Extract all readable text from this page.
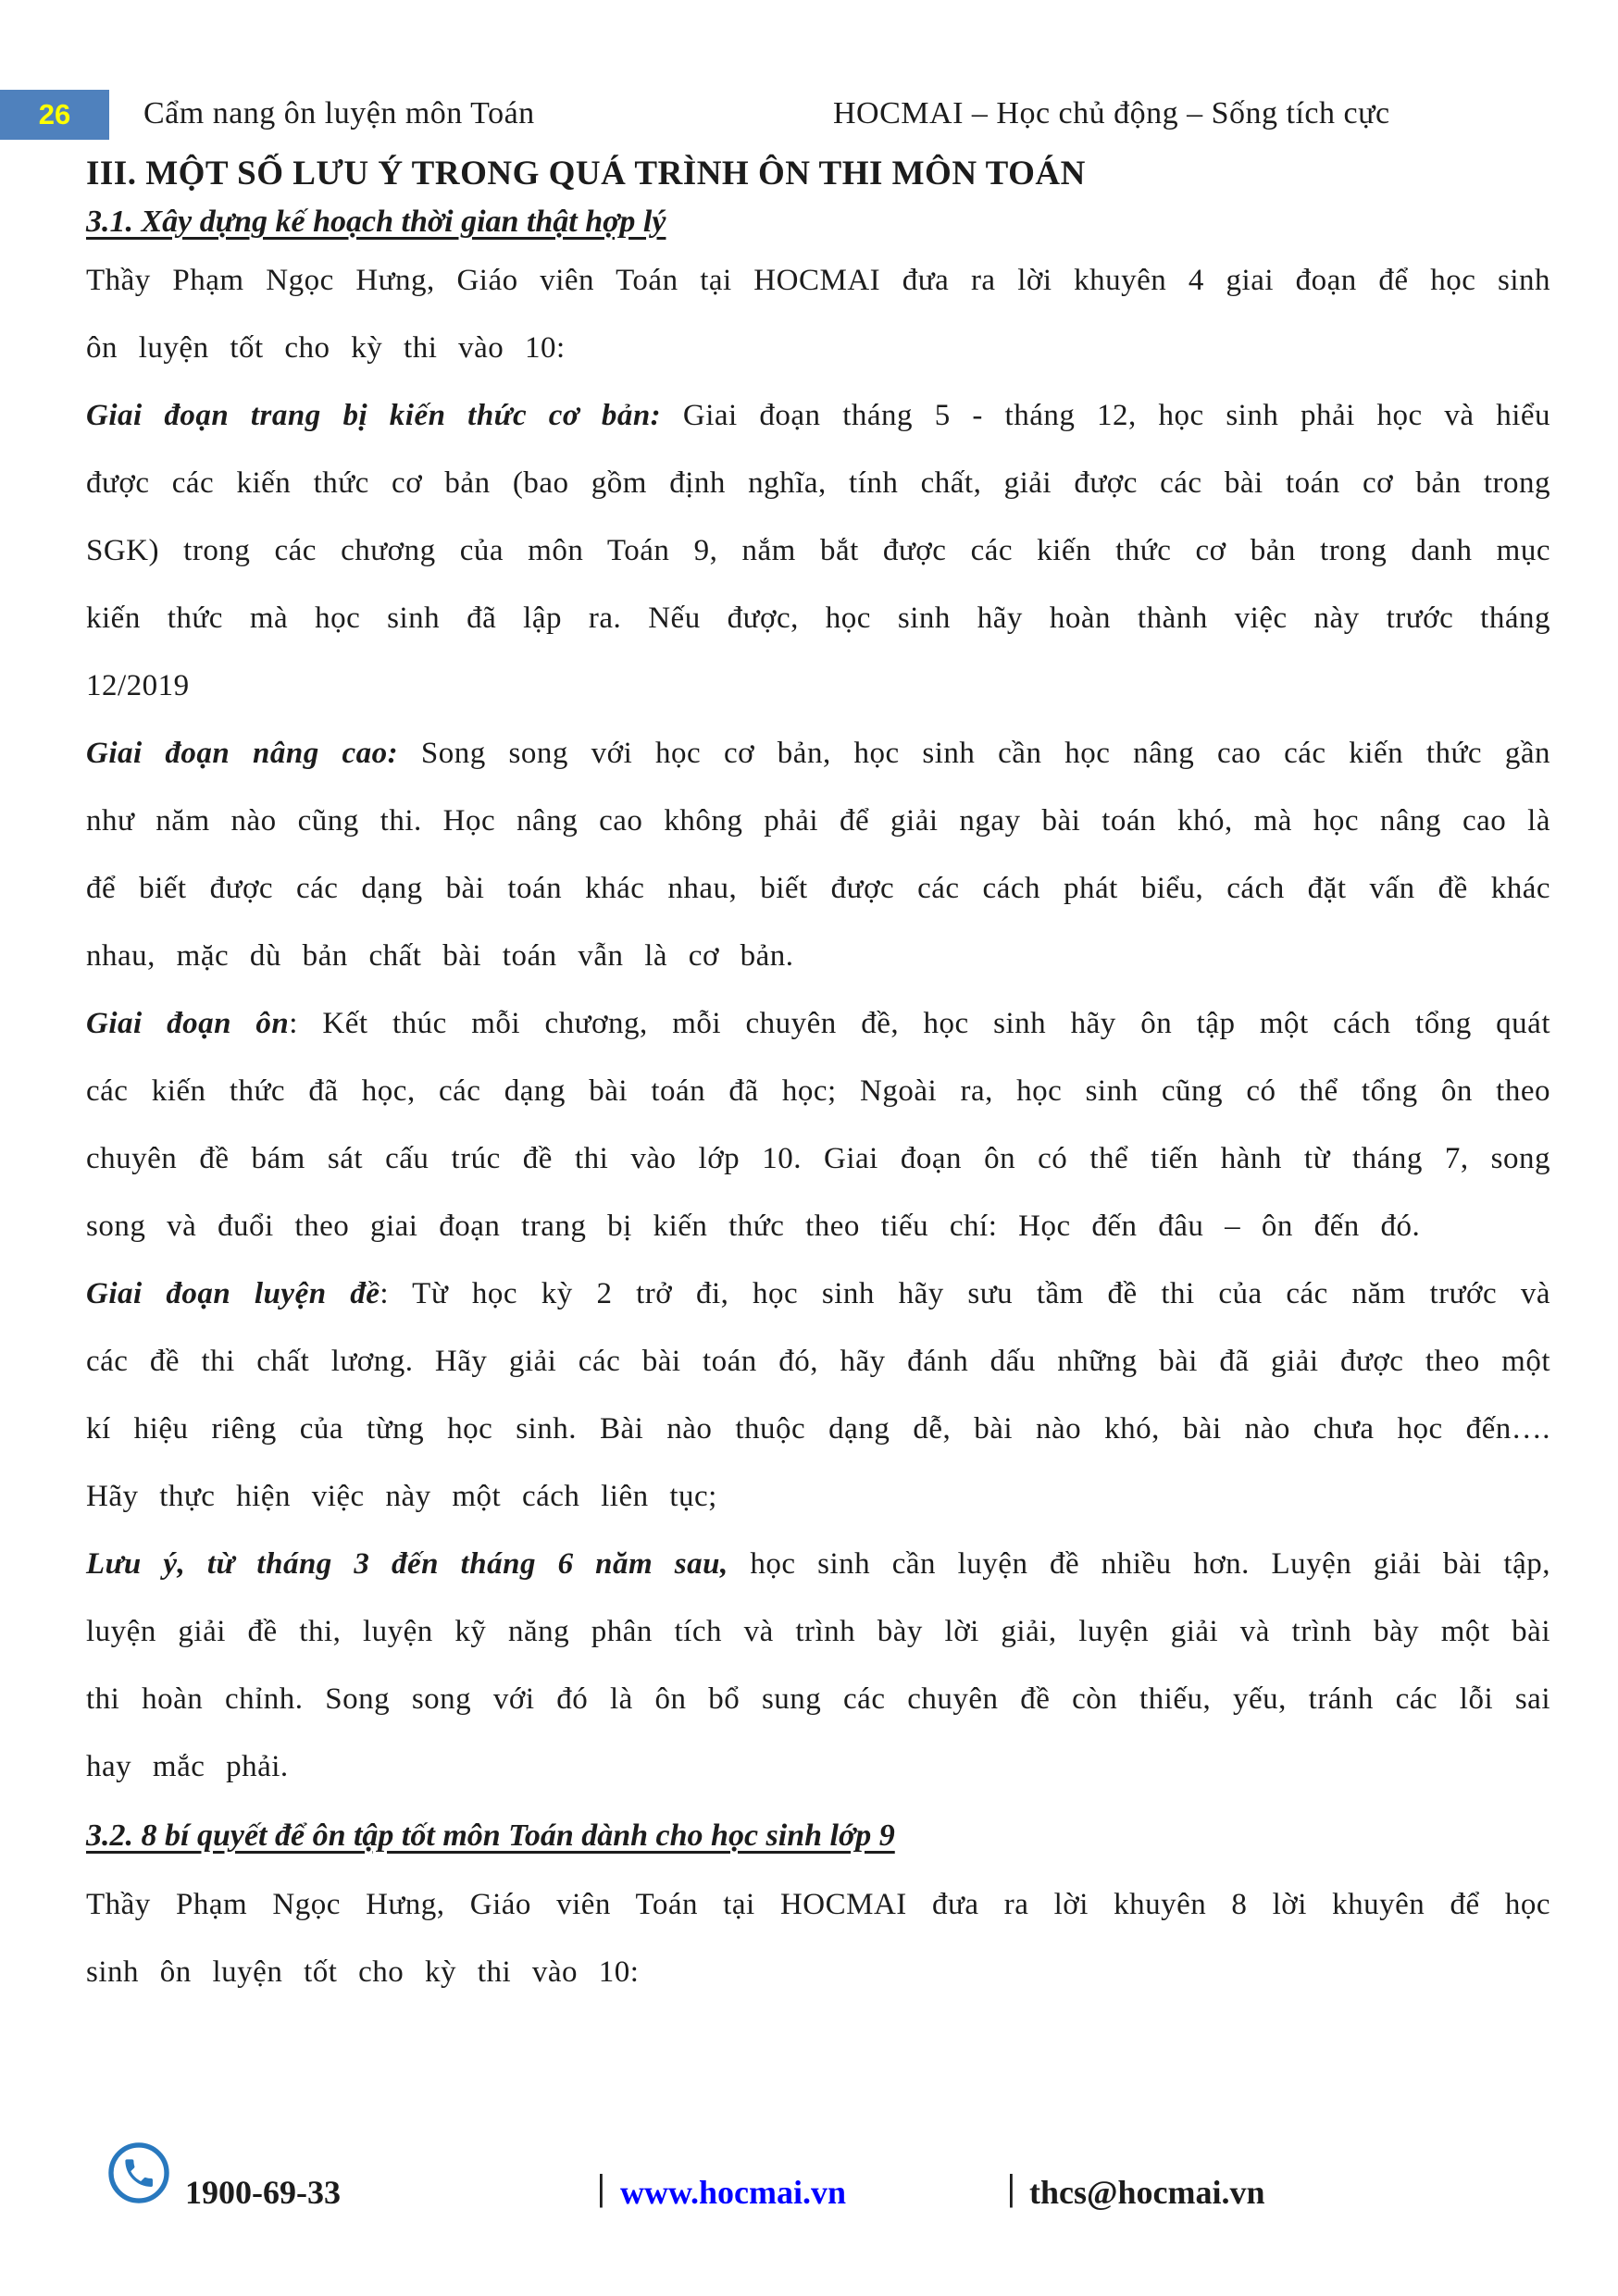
26 Cẩm nang ôn luyện môn Toán	HOCMAI – Học chủ động – Sống tích cực
III. MỘT SỐ LƯU Ý TRONG QUÁ TRÌNH ÔN THI MÔN TOÁN
3.1. Xây dựng kế hoạch thời gian thật hợp lý

Thầy Phạm Ngọc Hưng, Giáo viên Toán tại HOCMAI đưa ra lời khuyên 4 giai đoạn để học sinh ôn luyện tốt cho kỳ thi vào 10:

Giai đoạn trang bị kiến thức cơ bản: Giai đoạn tháng 5 - tháng 12, học sinh phải học và hiểu được các kiến thức cơ bản (bao gồm định nghĩa, tính chất, giải được các bài toán cơ bản trong SGK) trong các chương của môn Toán 9, nắm bắt được các kiến thức cơ bản trong danh mục kiến thức mà học sinh đã lập ra. Nếu được, học sinh hãy hoàn thành việc này trước tháng 12/2019

Giai đoạn nâng cao: Song song với học cơ bản, học sinh cần học nâng cao các kiến thức gần như năm nào cũng thi. Học nâng cao không phải để giải ngay bài toán khó, mà học nâng cao là để biết được các dạng bài toán khác nhau, biết được các cách phát biểu, cách đặt vấn đề khác nhau, mặc dù bản chất bài toán vẫn là cơ bản.

Giai đoạn ôn: Kết thúc mỗi chương, mỗi chuyên đề, học sinh hãy ôn tập một cách tổng quát các kiến thức đã học, các dạng bài toán đã học; Ngoài ra, học sinh cũng có thể tổng ôn theo chuyên đề bám sát cấu trúc đề thi vào lớp 10. Giai đoạn ôn có thể tiến hành từ tháng 7, song song và đuổi theo giai đoạn trang bị kiến thức theo tiếu chí: Học đến đâu – ôn đến đó.

Giai đoạn luyện đề: Từ học kỳ 2 trở đi, học sinh hãy sưu tầm đề thi của các năm trước và các đề thi chất lương. Hãy giải các bài toán đó, hãy đánh dấu những bài đã giải được theo một kí hiệu riêng của từng học sinh. Bài nào thuộc dạng dễ, bài nào khó, bài nào chưa học đến…. Hãy thực hiện việc này một cách liên tục;

Lưu ý, từ tháng 3 đến tháng 6 năm sau, học sinh cần luyện đề nhiều hơn. Luyện giải bài tập, luyện giải đề thi, luyện kỹ năng phân tích và trình bày lời giải, luyện giải và trình bày một bài thi hoàn chỉnh. Song song với đó là ôn bổ sung các chuyên đề còn thiếu, yếu, tránh các lỗi sai hay mắc phải.

3.2. 8 bí quyết để ôn tập tốt môn Toán dành cho học sinh lớp 9

Thầy Phạm Ngọc Hưng, Giáo viên Toán tại HOCMAI đưa ra lời khuyên 8 lời khuyên để học sinh ôn luyện tốt cho kỳ thi vào 10:

1900-69-33	| www.hocmai.vn	| thcs@hocmai.vn
